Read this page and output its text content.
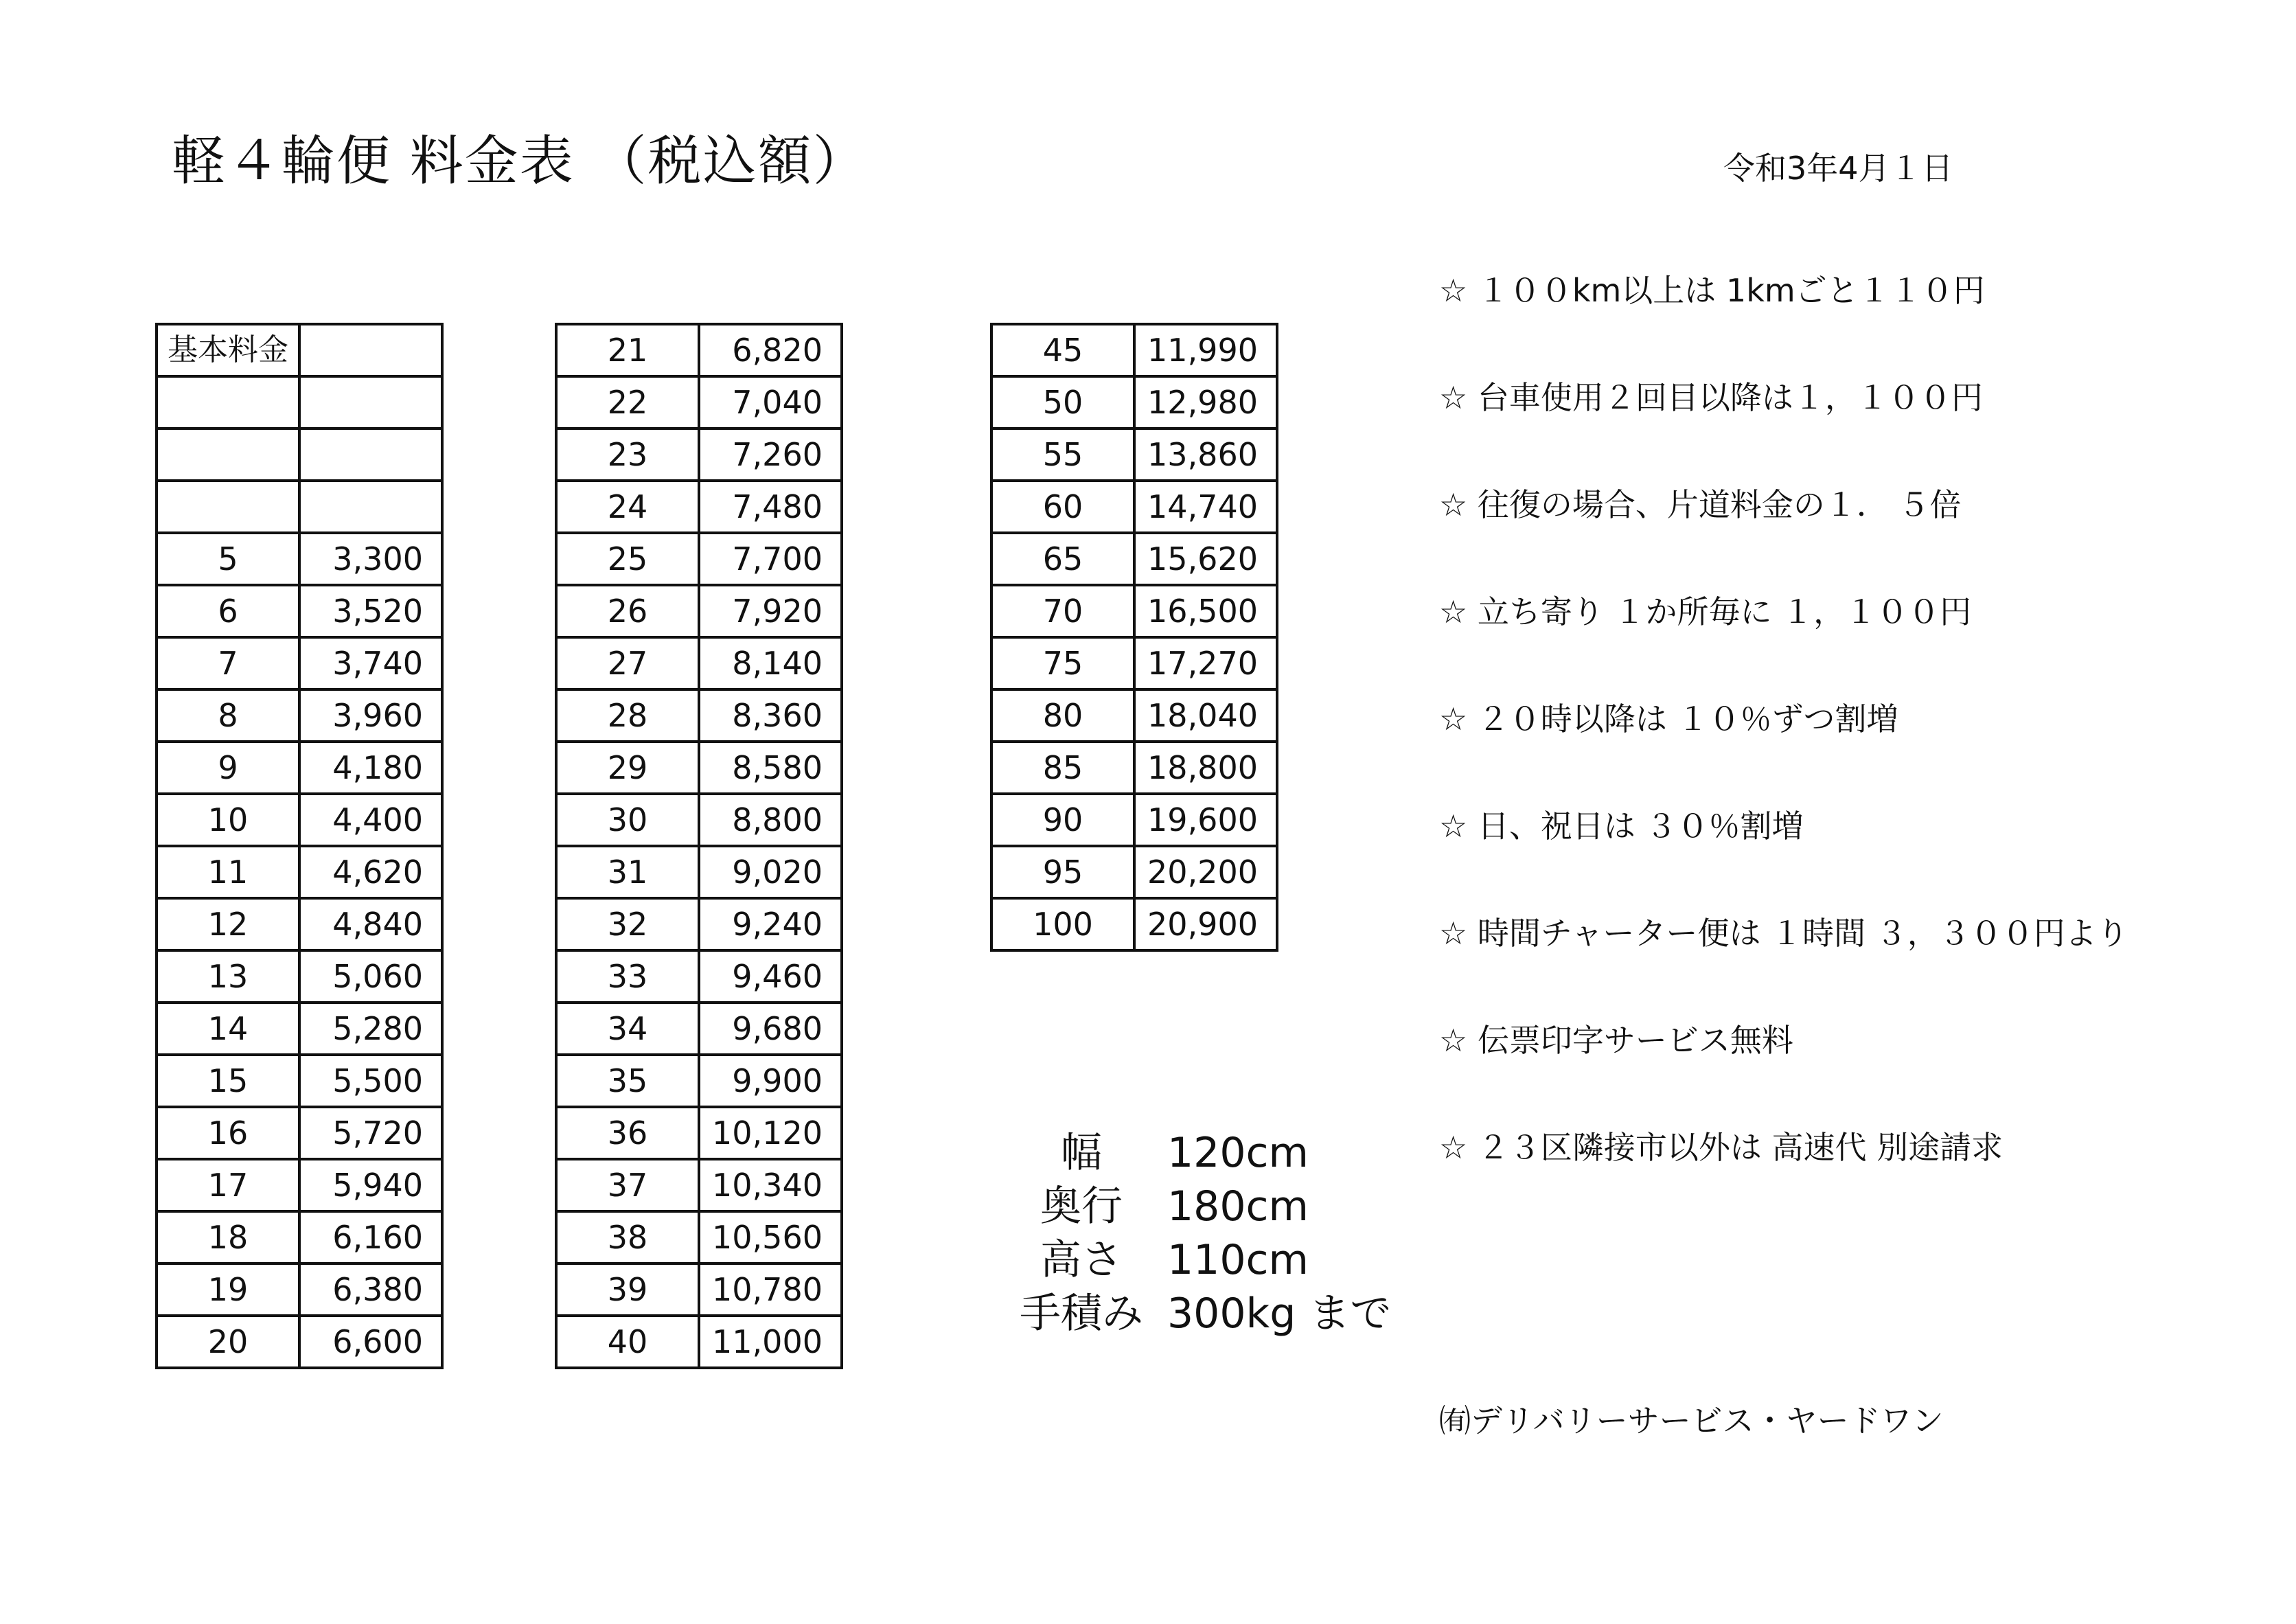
軽４輪便 料金表 （税込額）	令和3年4月１日
基本料金	

5	3,300
6	3,520
7	3,740
8	3,960
9	4,180
10	4,400
11	4,620
12	4,840
13	5,060
14	5,280
15	5,500
16	5,720
17	5,940
18	6,160
19	6,380
20	6,600
21	6,820
22	7,040
23	7,260
24	7,480
25	7,700
26	7,920
27	8,140
28	8,360
29	8,580
30	8,800
31	9,020
32	9,240
33	9,460
34	9,680
35	9,900
36	10,120
37	10,340
38	10,560
39	10,780
40	11,000
45	11,990
50	12,980
55	13,860
60	14,740
65	15,620
70	16,500
75	17,270
80	18,040
85	18,800
90	19,600
95	20,200
100	20,900
幅	120cm
奥行	180cm
高さ	110cm
手積み 300kg まで
☆ １００km以上は 1kmごと１１０円
☆ 台車使用２回目以降は１，１００円
☆ 往復の場合、片道料金の１． ５倍
☆ 立ち寄り １か所毎に １，１００円
☆ ２０時以降は １０％ずつ割増
☆ 日、祝日は ３０％割増
☆ 時間チャーター便は １時間 ３，３００円より
☆ 伝票印字サービス無料
☆ ２３区隣接市以外は 高速代 別途請求
㈲デリバリーサービス・ヤードワン
